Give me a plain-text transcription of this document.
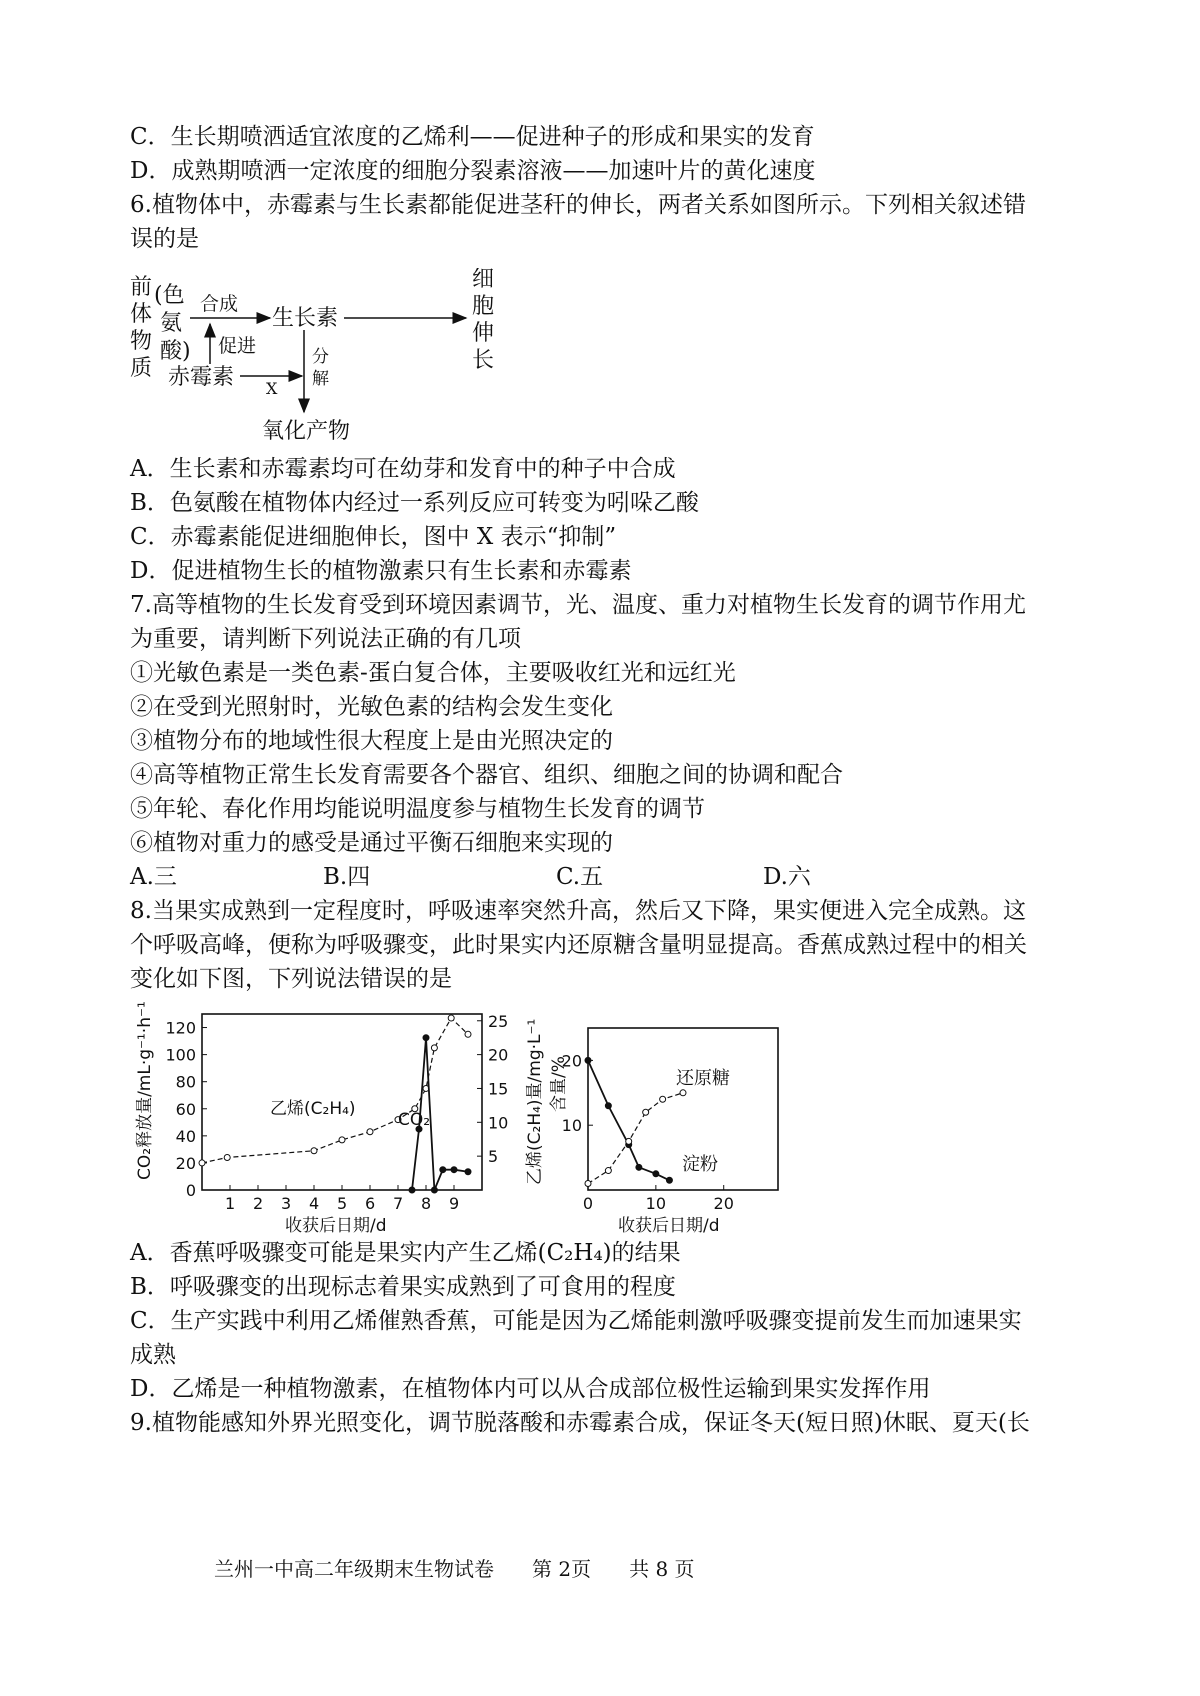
C．生长期喷洒适宜浓度的乙烯利——促进种子的形成和果实的发育
D．成熟期喷洒一定浓度的细胞分裂素溶液——加速叶片的黄化速度
6.植物体中，赤霉素与生长素都能促进茎秆的伸长，两者关系如图所示。下列相关叙述错
误的是
前
体
物
质
(色
氨
酸)
合成
生长素
细
胞
伸
长
促进
赤霉素 X
分
解
氧化产物
A．生长素和赤霉素均可在幼芽和发育中的种子中合成
B．色氨酸在植物体内经过一系列反应可转变为吲哚乙酸
C．赤霉素能促进细胞伸长，图中 X 表示“抑制”
D．促进植物生长的植物激素只有生长素和赤霉素
7.高等植物的生长发育受到环境因素调节，光、温度、重力对植物生长发育的调节作用尤
为重要，请判断下列说法正确的有几项
①光敏色素是一类色素-蛋白复合体，主要吸收红光和远红光
②在受到光照射时，光敏色素的结构会发生变化
③植物分布的地域性很大程度上是由光照决定的
④高等植物正常生长发育需要各个器官、组织、细胞之间的协调和配合
⑤年轮、春化作用均能说明温度参与植物生长发育的调节
⑥植物对重力的感受是通过平衡石细胞来实现的
A.三	B.四	C.五	D.六
8.当果实成熟到一定程度时，呼吸速率突然升高，然后又下降，果实便进入完全成熟。这
个呼吸高峰，便称为呼吸骤变，此时果实内还原糖含量明显提高。香蕉成熟过程中的相关
变化如下图，下列说法错误的是
1 2 3 4 5 6 7 8 9
0
20
40
60
80
100
120
5
10
15
20
25
CO₂释放量/mL·g⁻¹·h⁻¹	乙烯(C₂H₄)量/mg·L⁻¹
收获后日期/d
乙烯(C₂H₄)
CO₂
0	10	20
10
20
含量/%
收获后日期/d
还原糖
淀粉
A．香蕉呼吸骤变可能是果实内产生乙烯(C₂H₄)的结果
B．呼吸骤变的出现标志着果实成熟到了可食用的程度
C．生产实践中利用乙烯催熟香蕉，可能是因为乙烯能刺激呼吸骤变提前发生而加速果实
成熟
D．乙烯是一种植物激素，在植物体内可以从合成部位极性运输到果实发挥作用
9.植物能感知外界光照变化，调节脱落酸和赤霉素合成，保证冬天(短日照)休眠、夏天(长
兰州一中高二年级期末生物试卷 第 2页 共 8 页
